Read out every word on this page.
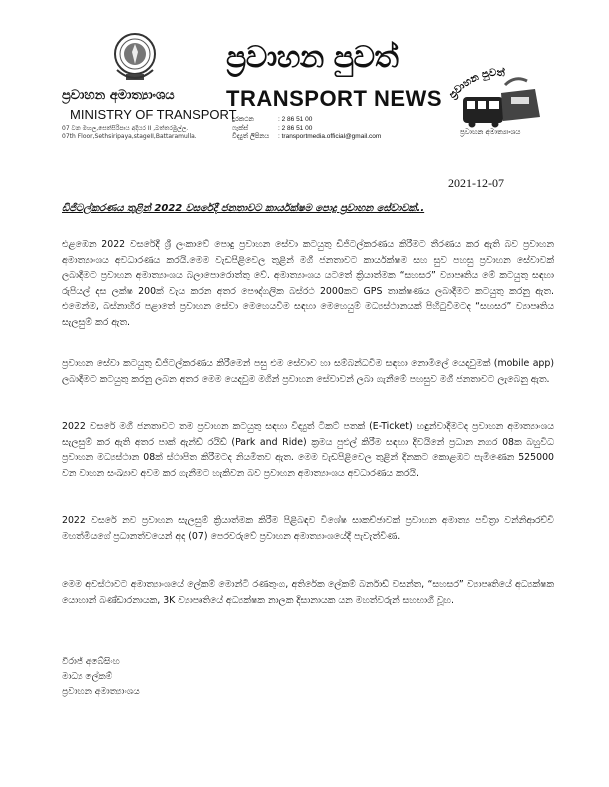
ප්‍රවාහන අමාත්‍යාංශය
MINISTRY OF TRANSPORT
07 වන මහල,සෙත්සිරිපාය අදියර II ,බත්තරමුල්ල.
07th Floor,Sethsiripaya,stageII,Battaramulla.
ප්‍රවාහන පුවත්
TRANSPORT NEWS
දුරකථන	: 2 86 51 00
ෆැක්ස්	: 2 86 51 00
විද්‍යුත් ලිපිනය : transportmedia.official@gmail.com
ප්‍රවාහන පුවත්
ප්‍රවාහන අමාත්‍යාංශය
2021-12-07
ඩිජිටල්කරණය තුළින් 2022 වසරේදී ජනතාවට කාර්යක්ෂම පොදු ප්‍රවාහන සේවාවක්..

එළඹෙන 2022 වසරේදී ශ්‍රී ලංකාවේ පොදු ප්‍රවාහන සේවා කටයුතු ඩිජිටල්කරණය කිරීමට තීරණය කර ඇති බව ප්‍රවාහන අමාත්‍යාංශය අවධාරණය කරයි.මෙම වැඩපිළිවෙල තුළින් මගී ජනතාවට කාර්යක්ෂම සහ සුව පහසු ප්‍රවාහන සේවාවක් ලබාදීමට ප්‍රවාහන අමාත්‍යාංශය බලාපොරොත්තු වේ. අමාත්‍යාංශය යටතේ ක්‍රියාත්මක “සහසර” ව්‍යාපෘතිය මේ කටයුතු සඳහා රුපියල් දස ලක්ෂ 200ක් වැය කරන අතර පෞද්ගලික බස්රථ 2000කට GPS තාක්ෂණය ලබාදීමට කටයුතු කරනු ඇත. එමෙන්ම, බස්නාහිර පළාතේ ප්‍රවාහන සේවා මෙහෙයවීම සඳහා මෙහෙයුම් මධ්‍යස්ථානයක් පිහිටුවීමටද “සහසර” ව්‍යාපෘතිය සැලසුම් කර ඇත.

ප්‍රවාහන සේවා කටයුතු ඩිජිටල්කරණය කිරීමෙන් පසු එම සේවාව හා සම්බන්ධවීම සඳහා නොමිලේ යෙදවුමක් (mobile app) ලබාදීමට කටයුතු කරනු ලබන අතර මෙම යෙදවුම මගින් ප්‍රවාහන සේවාවන් ලබා ගැනීමේ පහසුව මගී ජනතාවට ලැබෙනු ඇත.

2022 වසරේ මගී ජනතාවට තම ප්‍රවාහන කටයුතු සඳහා විද්‍යුත් ටිකට් පතක් (E-Ticket) හඳුන්වාදීමටද ප්‍රවාහන අමාත්‍යාංශය සැලසුම් කර ඇති අතර පාක් ඇන්ඩ් රයිඩ් (Park and Ride) ක්‍රමය පුළුල් කිරීම සඳහා දිවයිනේ ප්‍රධාන නගර 08ක බහුවිධ ප්‍රවාහන මධ්‍යස්ථාන 08ක් ස්ථාපිත කිරීමටද නියමිතව ඇත. මෙම වැඩපිළිවෙල තුළින් දිනකට කොළඹට පැමිණෙන 525000 වන වාහන සංඛ්‍යාව අවම කර ගැනීමට හැකිවන බව ප්‍රවාහන අමාත්‍යාංශය අවධාරණය කරයි.

2022 වසරේ නව ප්‍රවාහන සැලසුම් ක්‍රියාත්මක කිරීම පිළිබඳව විශේෂ සාකච්ඡාවක් ප්‍රවාහන අමාත්‍ය පවිත්‍රා වන්නිආරච්චි මහත්මියගේ ප්‍රධානත්වයෙන් අද (07) පෙරවරුවේ ප්‍රවාහන අමාත්‍යාංශයේදී පැවැත්විණ.

මෙම අවස්ථාවට අමාත්‍යාංශයේ ලේකම් මොන්ටි රණතුංග, අතිරේක ලේකම් බර්නාඩ් වසන්ත, “සහසර” ව්‍යාපෘතියේ අධ්‍යක්ෂක යොහාන් බණ්ඩාරනායක, 3K ව්‍යාපෘතියේ අධ්‍යක්ෂක නාලක දිසානායක යන මහත්වරුන් සහභාගී වූහ.

විරාජ් අබේසිංහ
මාධ්‍ය ලේකම්
ප්‍රවාහන අමාත්‍යාංශය
